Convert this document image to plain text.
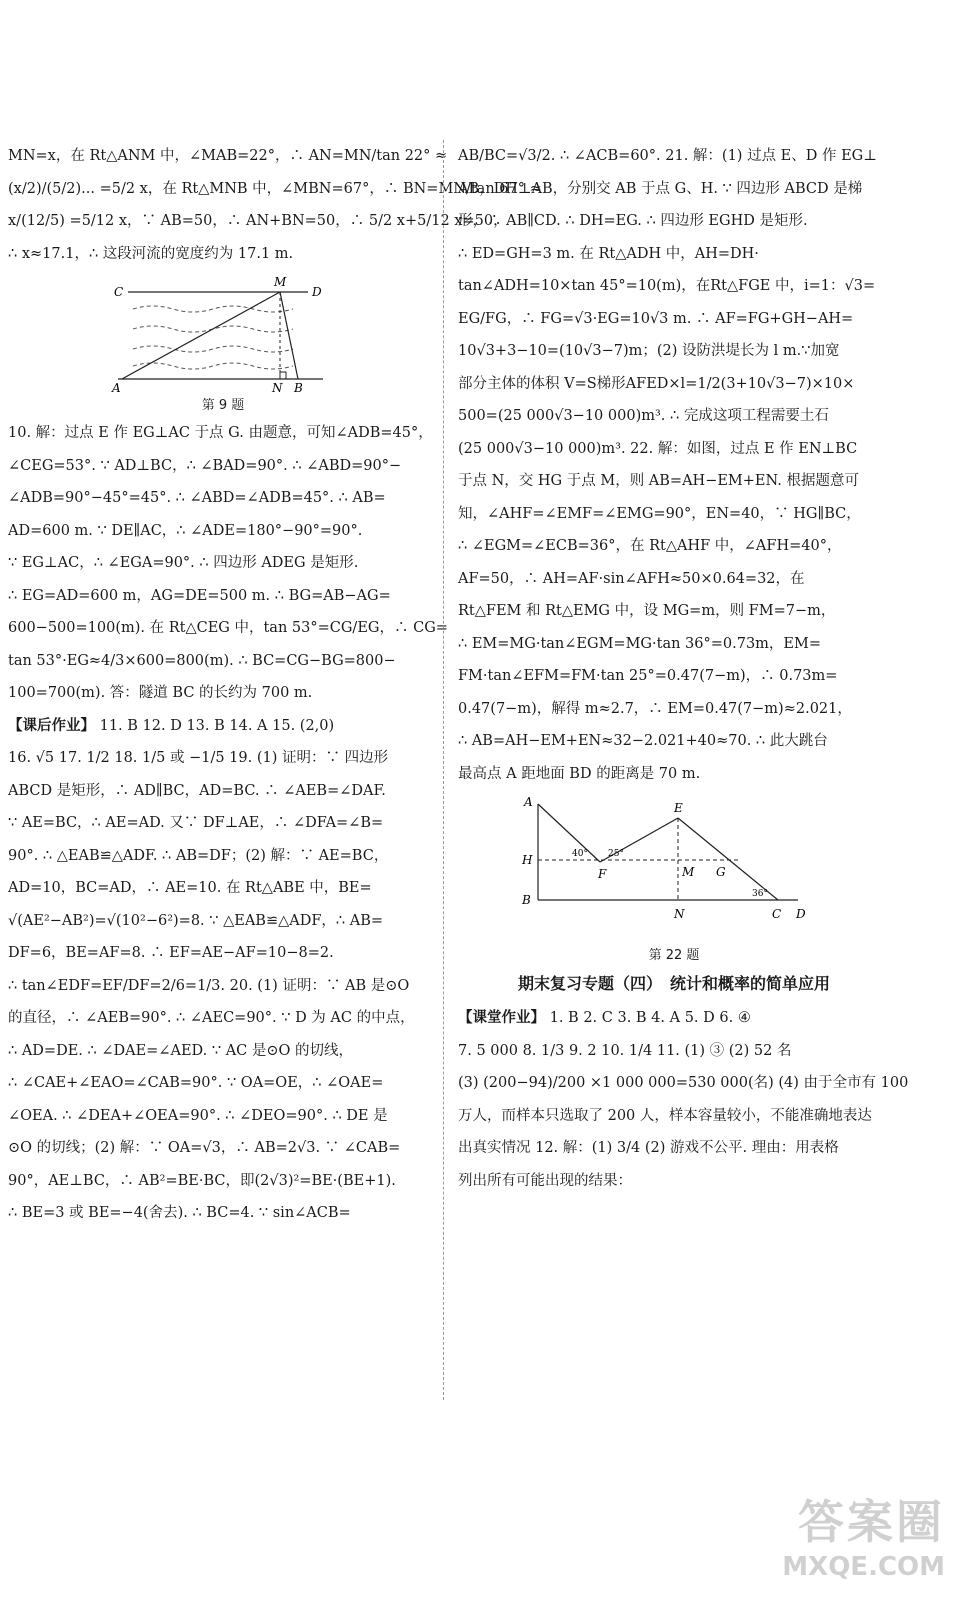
MN=x，在 Rt△ANM 中，∠MAB=22°，∴ AN=MN/tan 22° ≈
(x/2)/(5/2)... =5/2 x，在 Rt△MNB 中，∠MBN=67°，∴ BN=MN/tan 67° ≈
x/(12/5) =5/12 x，∵ AB=50，∴ AN+BN=50，∴ 5/2 x+5/12 x=50，
∴ x≈17.1，∴ 这段河流的宽度约为 17.1 m.
C
M
D
A	N B
第 9 题
10. 解：过点 E 作 EG⊥AC 于点 G. 由题意，可知∠ADB=45°，
∠CEG=53°. ∵ AD⊥BC，∴ ∠BAD=90°. ∴ ∠ABD=90°−
∠ADB=90°−45°=45°. ∴ ∠ABD=∠ADB=45°. ∴ AB=
AD=600 m. ∵ DE∥AC，∴ ∠ADE=180°−90°=90°.
∵ EG⊥AC，∴ ∠EGA=90°. ∴ 四边形 ADEG 是矩形.
∴ EG=AD=600 m，AG=DE=500 m. ∴ BG=AB−AG=
600−500=100(m). 在 Rt△CEG 中，tan 53°=CG/EG，∴ CG=
tan 53°·EG≈4/3×600=800(m). ∴ BC=CG−BG=800−
100=700(m). 答：隧道 BC 的长约为 700 m.
【课后作业】 11. B 12. D 13. B 14. A 15. (2,0)
16. √5 17. 1/2 18. 1/5 或 −1/5 19. (1) 证明：∵ 四边形
ABCD 是矩形，∴ AD∥BC，AD=BC. ∴ ∠AEB=∠DAF.
∵ AE=BC，∴ AE=AD. 又∵ DF⊥AE，∴ ∠DFA=∠B=
90°. ∴ △EAB≌△ADF. ∴ AB=DF；(2) 解：∵ AE=BC，
AD=10，BC=AD，∴ AE=10. 在 Rt△ABE 中，BE=
√(AE²−AB²)=√(10²−6²)=8. ∵ △EAB≌△ADF，∴ AB=
DF=6，BE=AF=8. ∴ EF=AE−AF=10−8=2.
∴ tan∠EDF=EF/DF=2/6=1/3. 20. (1) 证明：∵ AB 是⊙O
的直径，∴ ∠AEB=90°. ∴ ∠AEC=90°. ∵ D 为 AC 的中点，
∴ AD=DE. ∴ ∠DAE=∠AED. ∵ AC 是⊙O 的切线，
∴ ∠CAE+∠EAO=∠CAB=90°. ∵ OA=OE，∴ ∠OAE=
∠OEA. ∴ ∠DEA+∠OEA=90°. ∴ ∠DEO=90°. ∴ DE 是
⊙O 的切线；(2) 解：∵ OA=√3，∴ AB=2√3. ∵ ∠CAB=
90°，AE⊥BC，∴ AB²=BE·BC，即(2√3)²=BE·(BE+1).
∴ BE=3 或 BE=−4(舍去). ∴ BC=4. ∵ sin∠ACB=
AB/BC=√3/2. ∴ ∠ACB=60°. 21. 解：(1) 过点 E、D 作 EG⊥
AB，DH⊥AB，分别交 AB 于点 G、H. ∵ 四边形 ABCD 是梯
形，∴ AB∥CD. ∴ DH=EG. ∴ 四边形 EGHD 是矩形.
∴ ED=GH=3 m. 在 Rt△ADH 中，AH=DH·
tan∠ADH=10×tan 45°=10(m)，在Rt△FGE 中，i=1：√3=
EG/FG，∴ FG=√3·EG=10√3 m. ∴ AF=FG+GH−AH=
10√3+3−10=(10√3−7)m；(2) 设防洪堤长为 l m.∵加宽
部分主体的体积 V=S梯形AFED×l=1/2(3+10√3−7)×10×
500=(25 000√3−10 000)m³. ∴ 完成这项工程需要土石
(25 000√3−10 000)m³. 22. 解：如图，过点 E 作 EN⊥BC
于点 N，交 HG 于点 M，则 AB=AH−EM+EN. 根据题意可
知，∠AHF=∠EMF=∠EMG=90°，EN=40，∵ HG∥BC，
∴ ∠EGM=∠ECB=36°，在 Rt△AHF 中，∠AFH=40°，
AF=50，∴ AH=AF·sin∠AFH≈50×0.64=32，在
Rt△FEM 和 Rt△EMG 中，设 MG=m，则 FM=7−m，
∴ EM=MG·tan∠EGM=MG·tan 36°=0.73m，EM=
FM·tan∠EFM=FM·tan 25°=0.47(7−m)，∴ 0.73m=
0.47(7−m)，解得 m≈2.7，∴ EM=0.47(7−m)≈2.021，
∴ AB=AH−EM+EN≈32−2.021+40≈70. ∴ 此大跳台
最高点 A 距地面 BD 的距离是 70 m.
A	E
H
F	M G
B
N	C D
40° 25°
36°
第 22 题
期末复习专题（四）　统计和概率的简单应用
【课堂作业】 1. B 2. C 3. B 4. A 5. D 6. ④
7. 5 000 8. 1/3 9. 2 10. 1/4 11. (1) ③ (2) 52 名
(3) (200−94)/200 ×1 000 000=530 000(名) (4) 由于全市有 100
万人，而样本只选取了 200 人，样本容量较小，不能准确地表达
出真实情况 12. 解：(1) 3/4 (2) 游戏不公平. 理由：用表格
列出所有可能出现的结果：
答案圈
MXQE.COM
